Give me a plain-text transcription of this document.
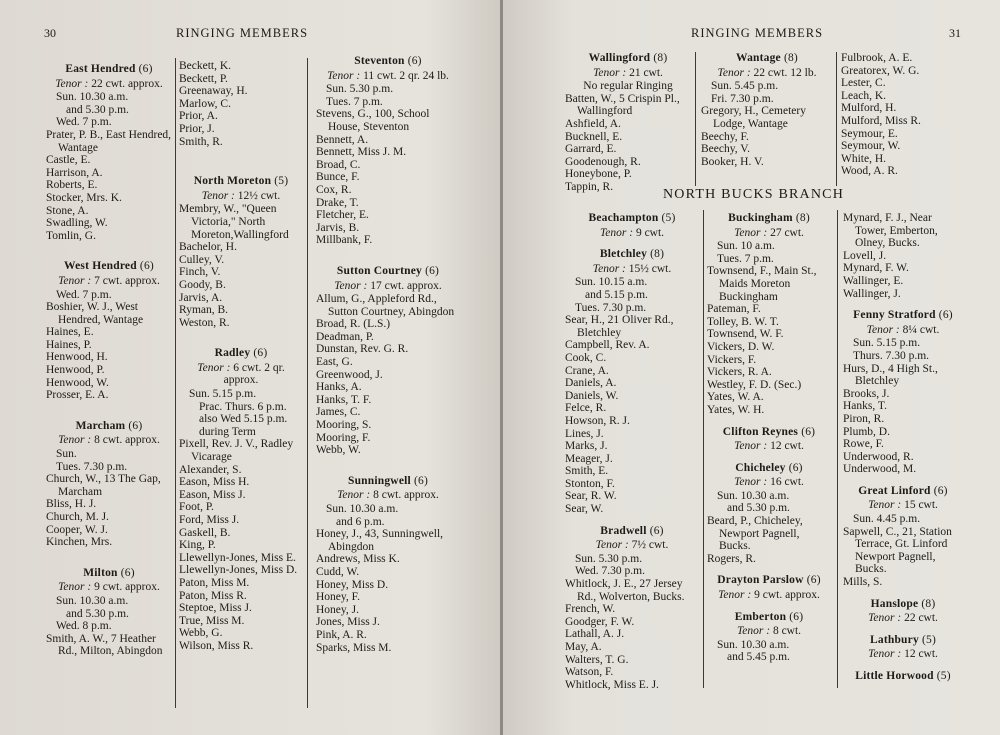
30	RINGING MEMBERS
East Hendred (6)
Tenor : 22 cwt. approx.
Sun. 10.30 a.m.
and 5.30 p.m.
Wed. 7 p.m.
Prater, P. B., East Hendred, Wantage
Castle, E.
Harrison, A.
Roberts, E.
Stocker, Mrs. K.
Stone, A.
Swadling, W.
Tomlin, G.
West Hendred (6)
Tenor : 7 cwt. approx.
Wed. 7 p.m.
Boshier, W. J., West Hendred, Wantage
Haines, E.
Haines, P.
Henwood, H.
Henwood, P.
Henwood, W.
Prosser, E. A.
Marcham (6)
Tenor : 8 cwt. approx.
Sun.
Tues. 7.30 p.m.
Church, W., 13 The Gap, Marcham
Bliss, H. J.
Church, M. J.
Cooper, W. J.
Kinchen, Mrs.
Milton (6)
Tenor : 9 cwt. approx.
Sun. 10.30 a.m.
and 5.30 p.m.
Wed. 8 p.m.
Smith, A. W., 7 Heather Rd., Milton, Abingdon
Beckett, K.
Beckett, P.
Greenaway, H.
Marlow, C.
Prior, A.
Prior, J.
Smith, R.
North Moreton (5)
Tenor : 12½ cwt.
Membry, W., "Queen Victoria," North Moreton,Wallingford
Bachelor, H.
Culley, V.
Finch, V.
Goody, B.
Jarvis, A.
Ryman, B.
Weston, R.
Radley (6)
Tenor : 6 cwt. 2 qr. approx.
Sun. 5.15 p.m.
Prac. Thurs. 6 p.m.
also Wed 5.15 p.m.
during Term
Pixell, Rev. J. V., Radley Vicarage
Alexander, S.
Eason, Miss H.
Eason, Miss J.
Foot, P.
Ford, Miss J.
Gaskell, B.
King, P.
Llewellyn-Jones, Miss E.
Llewellyn-Jones, Miss D.
Paton, Miss M.
Paton, Miss R.
Steptoe, Miss J.
True, Miss M.
Webb, G.
Wilson, Miss R.
Steventon (6)
Tenor : 11 cwt. 2 qr. 24 lb.
Sun. 5.30 p.m.
Tues. 7 p.m.
Stevens, G., 100, School House, Steventon
Bennett, A.
Bennett, Miss J. M.
Broad, C.
Bunce, F.
Cox, R.
Drake, T.
Fletcher, E.
Jarvis, B.
Millbank, F.
Sutton Courtney (6)
Tenor : 17 cwt. approx.
Allum, G., Appleford Rd., Sutton Courtney, Abingdon
Broad, R. (L.S.)
Deadman, P.
Dunstan, Rev. G. R.
East, G.
Greenwood, J.
Hanks, A.
Hanks, T. F.
James, C.
Mooring, S.
Mooring, F.
Webb, W.
Sunningwell (6)
Tenor : 8 cwt. approx.
Sun. 10.30 a.m.
and 6 p.m.
Honey, J., 43, Sunningwell, Abingdon
Andrews, Miss K.
Cudd, W.
Honey, Miss D.
Honey, F.
Honey, J.
Jones, Miss J.
Pink, A. R.
Sparks, Miss M.
RINGING MEMBERS	31
Wallingford (8)
Tenor : 21 cwt.
No regular Ringing
Batten, W., 5 Crispin Pl., Wallingford
Ashfield, A.
Bucknell, E.
Garrard, E.
Goodenough, R.
Honeybone, P.
Tappin, R.
Wantage (8)
Tenor : 22 cwt. 12 lb.
Sun. 5.45 p.m.
Fri. 7.30 p.m.
Gregory, H., Cemetery Lodge, Wantage
Beechy, F.
Beechy, V.
Booker, H. V.
Fulbrook, A. E.
Greatorex, W. G.
Lester, C.
Leach, K.
Mulford, H.
Mulford, Miss R.
Seymour, E.
Seymour, W.
White, H.
Wood, A. R.
NORTH BUCKS BRANCH
Beachampton (5)
Tenor : 9 cwt.
Bletchley (8)
Tenor : 15½ cwt.
Sun. 10.15 a.m.
and 5.15 p.m.
Tues. 7.30 p.m.
Sear, H., 21 Oliver Rd., Bletchley
Campbell, Rev. A.
Cook, C.
Crane, A.
Daniels, A.
Daniels, W.
Felce, R.
Howson, R. J.
Lines, J.
Marks, J.
Meager, J.
Smith, E.
Stonton, F.
Sear, R. W.
Sear, W.
Bradwell (6)
Tenor : 7½ cwt.
Sun. 5.30 p.m.
Wed. 7.30 p.m.
Whitlock, J. E., 27 Jersey Rd., Wolverton, Bucks.
French, W.
Goodger, F. W.
Lathall, A. J.
May, A.
Walters, T. G.
Watson, F.
Whitlock, Miss E. J.
Buckingham (8)
Tenor : 27 cwt.
Sun. 10 a.m.
Tues. 7 p.m.
Townsend, F., Main St., Maids Moreton Buckingham
Pateman, F.
Tolley, B. W. T.
Townsend, W. F.
Vickers, D. W.
Vickers, F.
Vickers, R. A.
Westley, F. D. (Sec.)
Yates, W. A.
Yates, W. H.
Clifton Reynes (6)
Tenor : 12 cwt.
Chicheley (6)
Tenor : 16 cwt.
Sun. 10.30 a.m.
and 5.30 p.m.
Beard, P., Chicheley, Newport Pagnell, Bucks.
Rogers, R.
Drayton Parslow (6)
Tenor : 9 cwt. approx.
Emberton (6)
Tenor : 8 cwt.
Sun. 10.30 a.m.
and 5.45 p.m.
Mynard, F. J., Near Tower, Emberton, Olney, Bucks.
Lovell, J.
Mynard, F. W.
Wallinger, E.
Wallinger, J.
Fenny Stratford (6)
Tenor : 8¼ cwt.
Sun. 5.15 p.m.
Thurs. 7.30 p.m.
Hurs, D., 4 High St., Bletchley
Brooks, J.
Hanks, T.
Piron, R.
Plumb, D.
Rowe, F.
Underwood, R.
Underwood, M.
Great Linford (6)
Tenor : 15 cwt.
Sun. 4.45 p.m.
Sapwell, C., 21, Station Terrace, Gt. Linford Newport Pagnell, Bucks.
Mills, S.
Hanslope (8)
Tenor : 22 cwt.
Lathbury (5)
Tenor : 12 cwt.
Little Horwood (5)
